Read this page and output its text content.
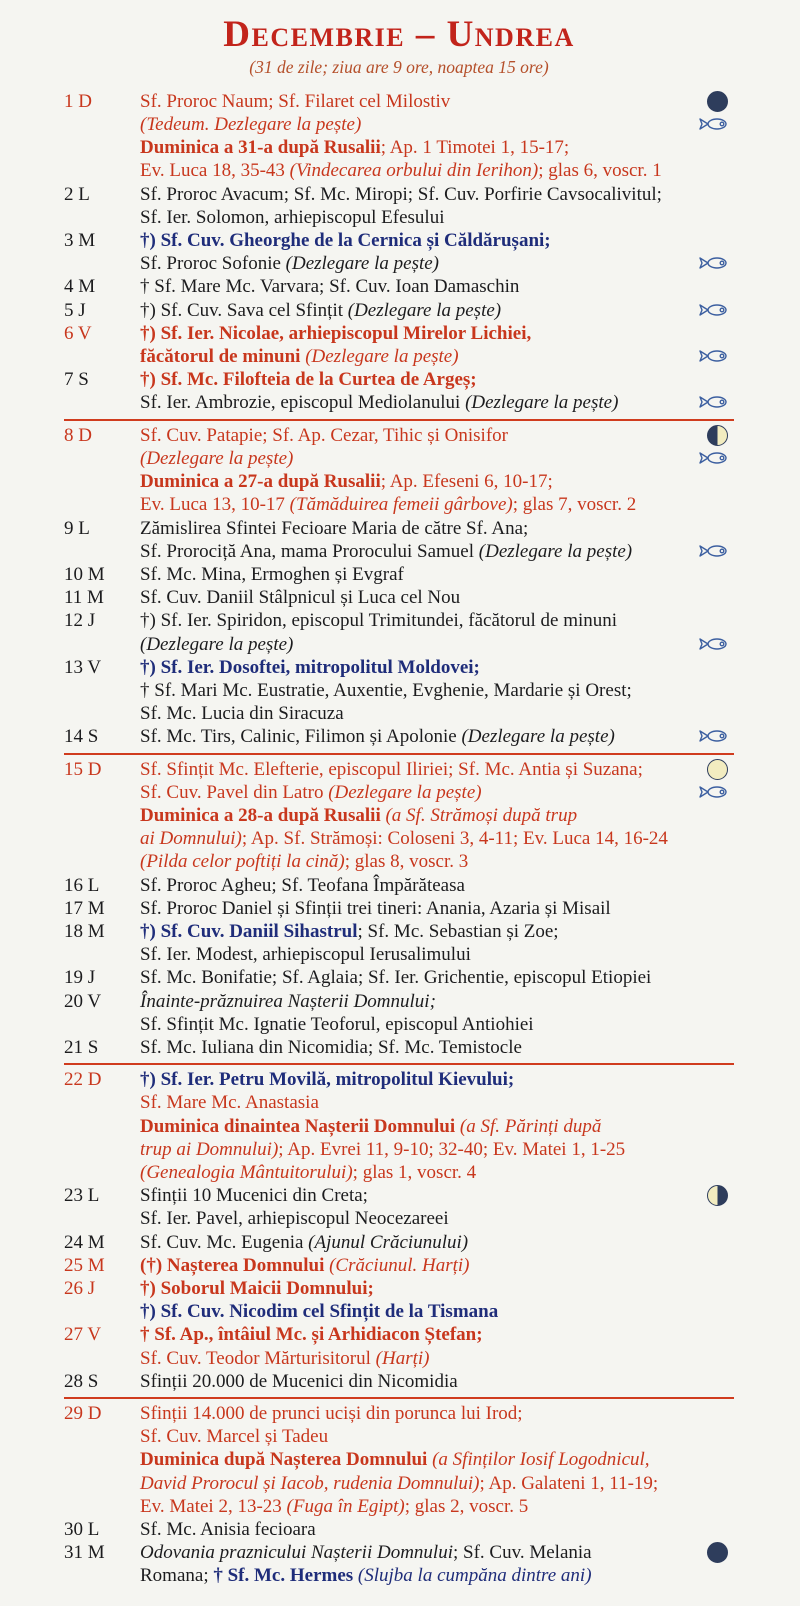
Decembrie – Undrea
(31 de zile; ziua are 9 ore, noaptea 15 ore)
1 D	Sf. Proroc Naum; Sf. Filaret cel Milostiv
(Tedeum. Dezlegare la pește)
Duminica a 31-a după Rusalii; Ap. 1 Timotei 1, 15-17;
Ev. Luca 18, 35-43 (Vindecarea orbului din Ierihon); glas 6, voscr. 1
2 L	Sf. Proroc Avacum; Sf. Mc. Miropi; Sf. Cuv. Porfirie Cavsocalivitul;
Sf. Ier. Solomon, arhiepiscopul Efesului
3 M	†) Sf. Cuv. Gheorghe de la Cernica și Căldărușani;
Sf. Proroc Sofonie (Dezlegare la pește)
4 M	† Sf. Mare Mc. Varvara; Sf. Cuv. Ioan Damaschin
5 J	†) Sf. Cuv. Sava cel Sfințit (Dezlegare la pește)
6 V	†) Sf. Ier. Nicolae, arhiepiscopul Mirelor Lichiei,
făcătorul de minuni (Dezlegare la pește)
7 S	†) Sf. Mc. Filofteia de la Curtea de Argeș;
Sf. Ier. Ambrozie, episcopul Mediolanului (Dezlegare la pește)
8 D	Sf. Cuv. Patapie; Sf. Ap. Cezar, Tihic și Onisifor
(Dezlegare la pește)
Duminica a 27-a după Rusalii; Ap. Efeseni 6, 10-17;
Ev. Luca 13, 10-17 (Tămăduirea femeii gârbove); glas 7, voscr. 2
9 L	Zămislirea Sfintei Fecioare Maria de către Sf. Ana;
Sf. Prorociță Ana, mama Prorocului Samuel (Dezlegare la pește)
10 M	Sf. Mc. Mina, Ermoghen și Evgraf
11 M	Sf. Cuv. Daniil Stâlpnicul și Luca cel Nou
12 J	†) Sf. Ier. Spiridon, episcopul Trimitundei, făcătorul de minuni
(Dezlegare la pește)
13 V	†) Sf. Ier. Dosoftei, mitropolitul Moldovei;
† Sf. Mari Mc. Eustratie, Auxentie, Evghenie, Mardarie și Orest;
Sf. Mc. Lucia din Siracuza
14 S	Sf. Mc. Tirs, Calinic, Filimon și Apolonie (Dezlegare la pește)
15 D	Sf. Sfințit Mc. Elefterie, episcopul Iliriei; Sf. Mc. Antia și Suzana;
Sf. Cuv. Pavel din Latro (Dezlegare la pește)
Duminica a 28-a după Rusalii (a Sf. Strămoși după trup
ai Domnului); Ap. Sf. Strămoși: Coloseni 3, 4-11; Ev. Luca 14, 16-24
(Pilda celor poftiți la cină); glas 8, voscr. 3
16 L	Sf. Proroc Agheu; Sf. Teofana Împărăteasa
17 M	Sf. Proroc Daniel și Sfinții trei tineri: Anania, Azaria și Misail
18 M	†) Sf. Cuv. Daniil Sihastrul; Sf. Mc. Sebastian și Zoe;
Sf. Ier. Modest, arhiepiscopul Ierusalimului
19 J	Sf. Mc. Bonifatie; Sf. Aglaia; Sf. Ier. Grichentie, episcopul Etiopiei
20 V	Înainte-prăznuirea Nașterii Domnului;
Sf. Sfințit Mc. Ignatie Teoforul, episcopul Antiohiei
21 S	Sf. Mc. Iuliana din Nicomidia; Sf. Mc. Temistocle
22 D	†) Sf. Ier. Petru Movilă, mitropolitul Kievului;
Sf. Mare Mc. Anastasia
Duminica dinaintea Nașterii Domnului (a Sf. Părinți după
trup ai Domnului); Ap. Evrei 11, 9-10; 32-40; Ev. Matei 1, 1-25
(Genealogia Mântuitorului); glas 1, voscr. 4
23 L	Sfinții 10 Mucenici din Creta;
Sf. Ier. Pavel, arhiepiscopul Neocezareei
24 M	Sf. Cuv. Mc. Eugenia (Ajunul Crăciunului)
25 M	(†) Nașterea Domnului (Crăciunul. Harți)
26 J	†) Soborul Maicii Domnului;
†) Sf. Cuv. Nicodim cel Sfințit de la Tismana
27 V	† Sf. Ap., întâiul Mc. și Arhidiacon Ștefan;
Sf. Cuv. Teodor Mărturisitorul (Harți)
28 S	Sfinții 20.000 de Mucenici din Nicomidia
29 D	Sfinții 14.000 de prunci uciși din porunca lui Irod;
Sf. Cuv. Marcel și Tadeu
Duminica după Nașterea Domnului (a Sfinților Iosif Logodnicul,
David Prorocul și Iacob, rudenia Domnului); Ap. Galateni 1, 11-19;
Ev. Matei 2, 13-23 (Fuga în Egipt); glas 2, voscr. 5
30 L	Sf. Mc. Anisia fecioara
31 M	Odovania praznicului Nașterii Domnului; Sf. Cuv. Melania
Romana; † Sf. Mc. Hermes (Slujba la cumpăna dintre ani)
